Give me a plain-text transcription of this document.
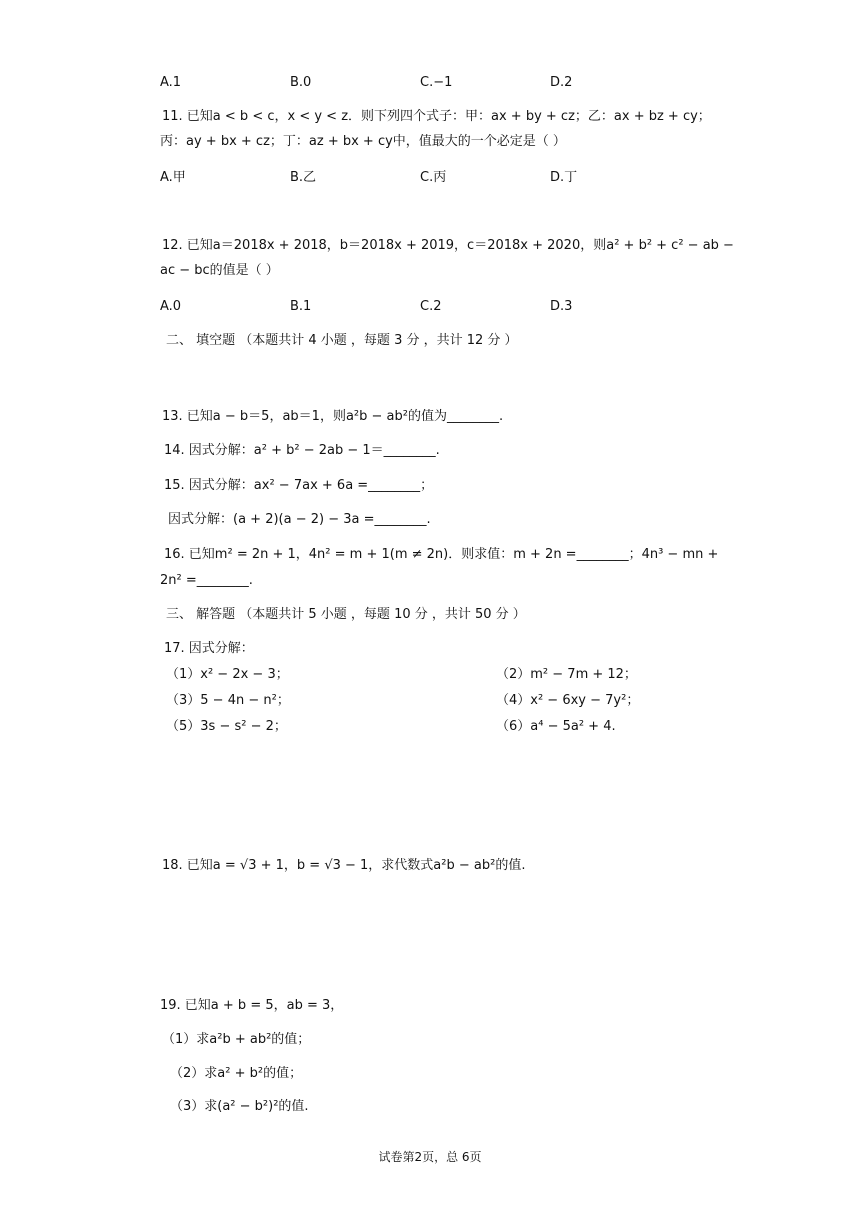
A.1	B.0	C.−1	D.2
11. 已知a < b < c，x < y < z．则下列四个式子：甲：ax + by + cz；乙：ax + bz + cy；
丙：ay + bx + cz；丁：az + bx + cy中，值最大的一个必定是（ ）
A.甲	B.乙	C.丙	D.丁
12. 已知a＝2018x + 2018，b＝2018x + 2019，c＝2018x + 2020，则a² + b² + c² − ab −
ac − bc的值是（ ）
A.0	B.1	C.2	D.3
二、 填空题 （本题共计 4 小题 ，每题 3 分 ，共计 12 分 ）
13. 已知a − b＝5，ab＝1，则a²b − ab²的值为________.
14. 因式分解：a² + b² − 2ab − 1＝________.
15. 因式分解：ax² − 7ax + 6a =________；
因式分解：(a + 2)(a − 2) − 3a =________.
16. 已知m² = 2n + 1，4n² = m + 1(m ≠ 2n)．则求值：m + 2n =________；4n³ − mn +
2n² =________.
三、 解答题 （本题共计 5 小题 ，每题 10 分 ，共计 50 分 ）
17. 因式分解：
（1）x² − 2x − 3；	（2）m² − 7m + 12；
（3）5 − 4n − n²；	（4）x² − 6xy − 7y²；
（5）3s − s² − 2；	（6）a⁴ − 5a² + 4.
18. 已知a = √3 + 1，b = √3 − 1，求代数式a²b − ab²的值.
19. 已知a + b = 5，ab = 3，
（1）求a²b + ab²的值；
（2）求a² + b²的值；
（3）求(a² − b²)²的值.
试卷第2页，总 6页
